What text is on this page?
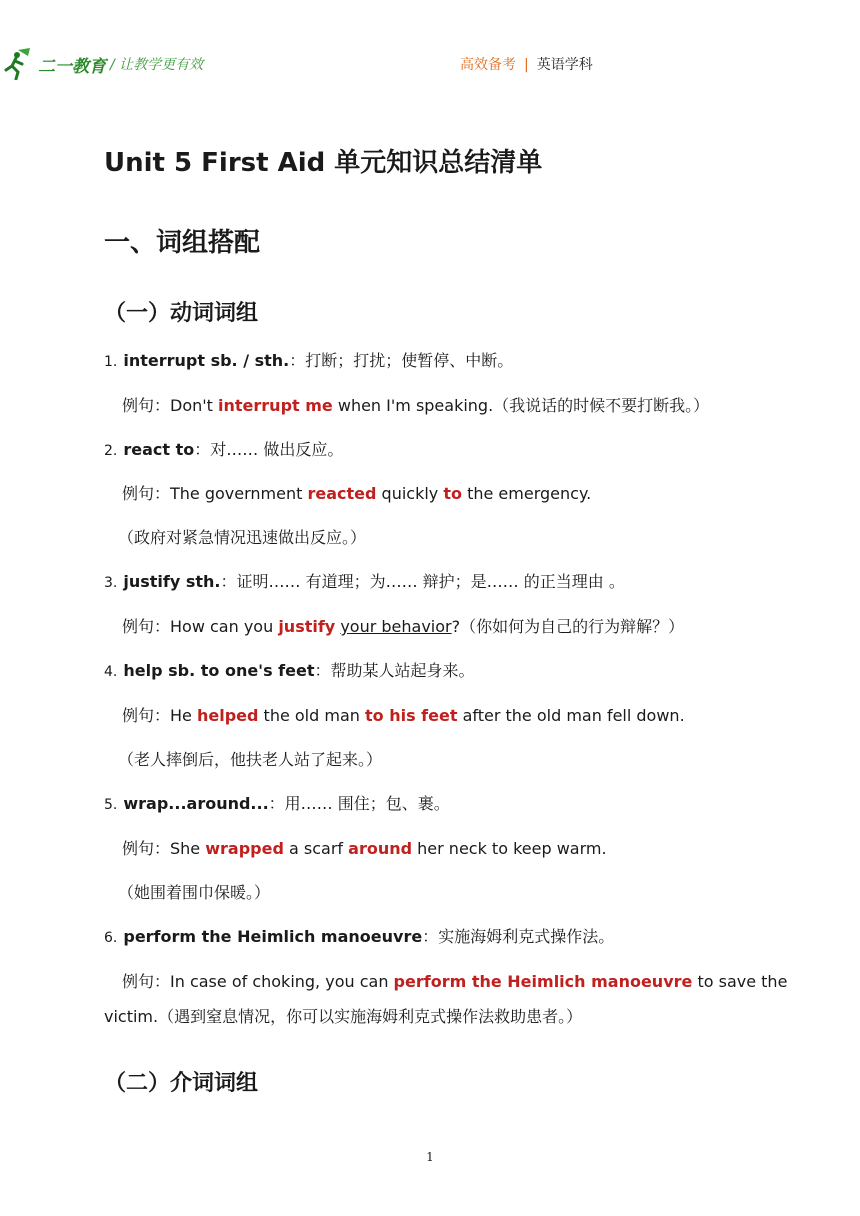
二一教育 / 让教学更有效	高效备考 | 英语学科
Unit 5 First Aid 单元知识总结清单
一、词组搭配
（一）动词词组
1. interrupt sb. / sth.：打断；打扰；使暂停、中断。
例句：Don't interrupt me when I'm speaking.（我说话的时候不要打断我。）
2. react to：对…… 做出反应。
例句：The government reacted quickly to the emergency.
（政府对紧急情况迅速做出反应。）
3. justify sth.：证明…… 有道理；为…… 辩护；是…… 的正当理由 。
例句：How can you justify your behavior?（你如何为自己的行为辩解？）
4. help sb. to one's feet：帮助某人站起身来。
例句：He helped the old man to his feet after the old man fell down.
（老人摔倒后，他扶老人站了起来。）
5. wrap...around...：用…… 围住；包、裹。
例句：She wrapped a scarf around her neck to keep warm.
（她围着围巾保暖。）
6. perform the Heimlich manoeuvre：实施海姆利克式操作法。
例句：In case of choking, you can perform the Heimlich manoeuvre to save the
victim.（遇到窒息情况，你可以实施海姆利克式操作法救助患者。）
（二）介词词组
1
